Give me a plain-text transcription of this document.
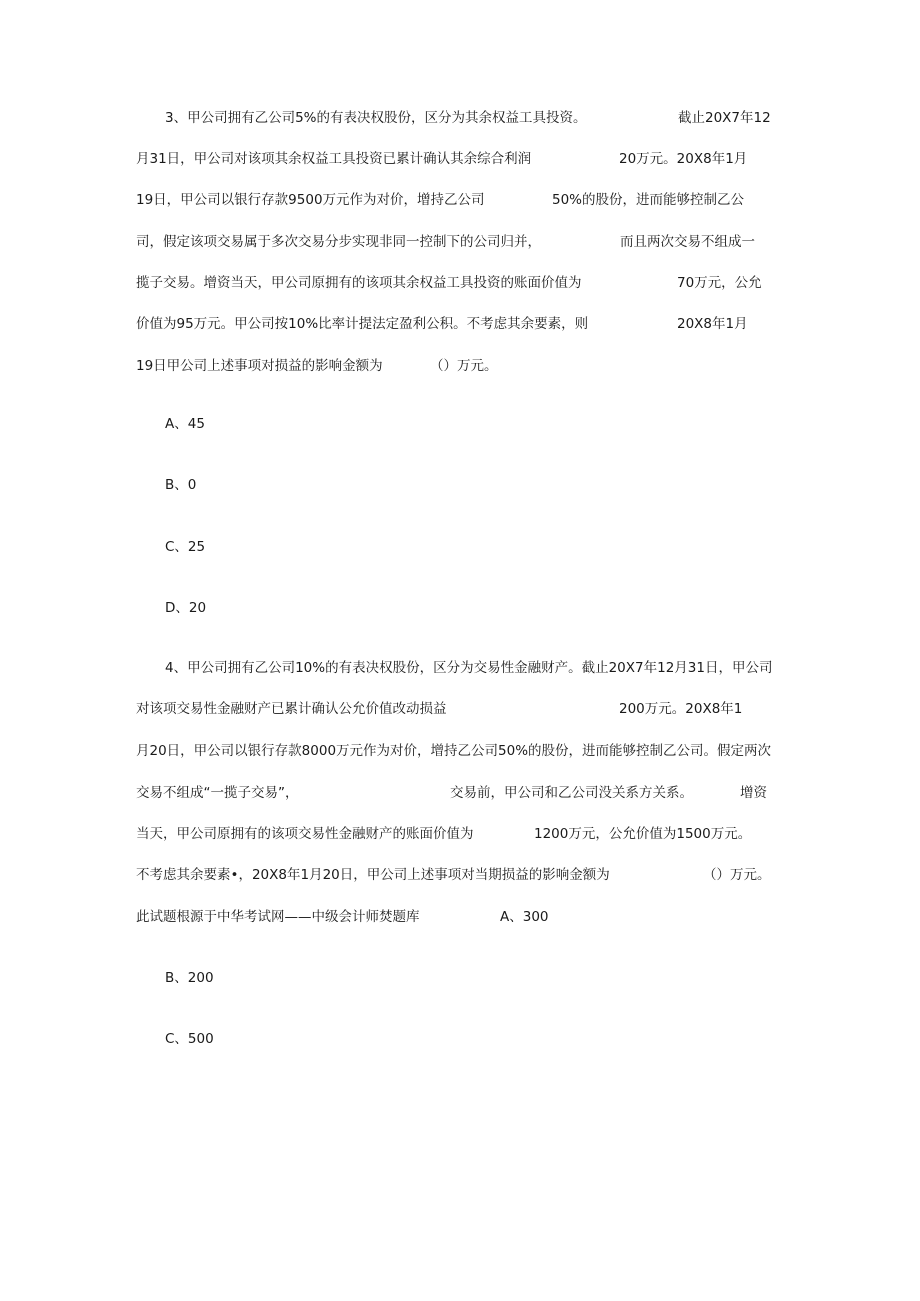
3、甲公司拥有乙公司5%的有表决权股份，区分为其余权益工具投资。	截止20X7年12
月31日，甲公司对该项其余权益工具投资已累计确认其余综合利润	20万元。20X8年1月
19日，甲公司以银行存款9500万元作为对价，增持乙公司	50%的股份，进而能够控制乙公
司，假定该项交易属于多次交易分步实现非同一控制下的公司归并，	而且两次交易不组成一
揽子交易。增资当天，甲公司原拥有的该项其余权益工具投资的账面价值为	70万元，公允
价值为95万元。甲公司按10%比率计提法定盈利公积。不考虑其余要素，则	20X8年1月
19日甲公司上述事项对损益的影响金额为	（）万元。
A、45
B、0
C、25
D、20
4、甲公司拥有乙公司10%的有表决权股份，区分为交易性金融财产。截止20X7年12月31日，甲公司
对该项交易性金融财产已累计确认公允价值改动损益	200万元。20X8年1
月20日，甲公司以银行存款8000万元作为对价，增持乙公司50%的股份，进而能够控制乙公司。假定两次
交易不组成“一揽子交易”，	交易前，甲公司和乙公司没关系方关系。	增资
当天，甲公司原拥有的该项交易性金融财产的账面价值为	1200万元，公允价值为1500万元。
不考虑其余要素•，20X8年1月20日，甲公司上述事项对当期损益的影响金额为	（）万元。
此试题根源于中华考试网——中级会计师焚题库	A、300
B、200
C、500
